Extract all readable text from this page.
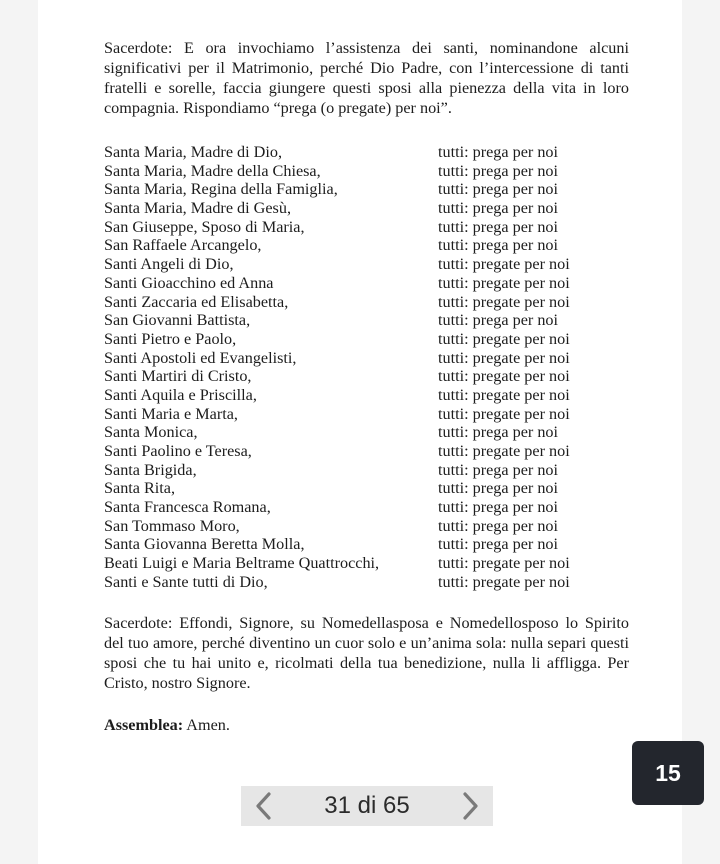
Sacerdote: E ora invochiamo l’assistenza dei santi, nominandone alcuni significativi per il Matrimonio, perché Dio Padre, con l’intercessione di tanti fratelli e sorelle, faccia giungere questi sposi alla pienezza della vita in loro compagnia. Rispondiamo “prega (o pregate) per noi”.
Santa Maria, Madre di Dio,	tutti: prega per noi
Santa Maria, Madre della Chiesa,	tutti: prega per noi
Santa Maria, Regina della Famiglia,	tutti: prega per noi
Santa Maria, Madre di Gesù,	tutti: prega per noi
San Giuseppe, Sposo di Maria,	tutti: prega per noi
San Raffaele Arcangelo,	tutti: prega per noi
Santi Angeli di Dio,	tutti: pregate per noi
Santi Gioacchino ed Anna	tutti: pregate per noi
Santi Zaccaria ed Elisabetta,	tutti: pregate per noi
San Giovanni Battista,	tutti: prega per noi
Santi Pietro e Paolo,	tutti: pregate per noi
Santi Apostoli ed Evangelisti,	tutti: pregate per noi
Santi Martiri di Cristo,	tutti: pregate per noi
Santi Aquila e Priscilla,	tutti: pregate per noi
Santi Maria e Marta,	tutti: pregate per noi
Santa Monica,	tutti: prega per noi
Santi Paolino e Teresa,	tutti: pregate per noi
Santa Brigida,	tutti: prega per noi
Santa Rita,	tutti: prega per noi
Santa Francesca Romana,	tutti: prega per noi
San Tommaso Moro,	tutti: prega per noi
Santa Giovanna Beretta Molla,	tutti: prega per noi
Beati Luigi e Maria Beltrame Quattrocchi,	tutti: pregate per noi
Santi e Sante tutti di Dio,	tutti: pregate per noi
Sacerdote: Effondi, Signore, su Nomedellasposa e Nomedellosposo lo Spirito del tuo amore, perché diventino un cuor solo e un’anima sola: nulla separi questi sposi che tu hai unito e, ricolmati della tua benedizione, nulla li affligga. Per Cristo, nostro Signore.
Assemblea: Amen.
15
31 di 65
